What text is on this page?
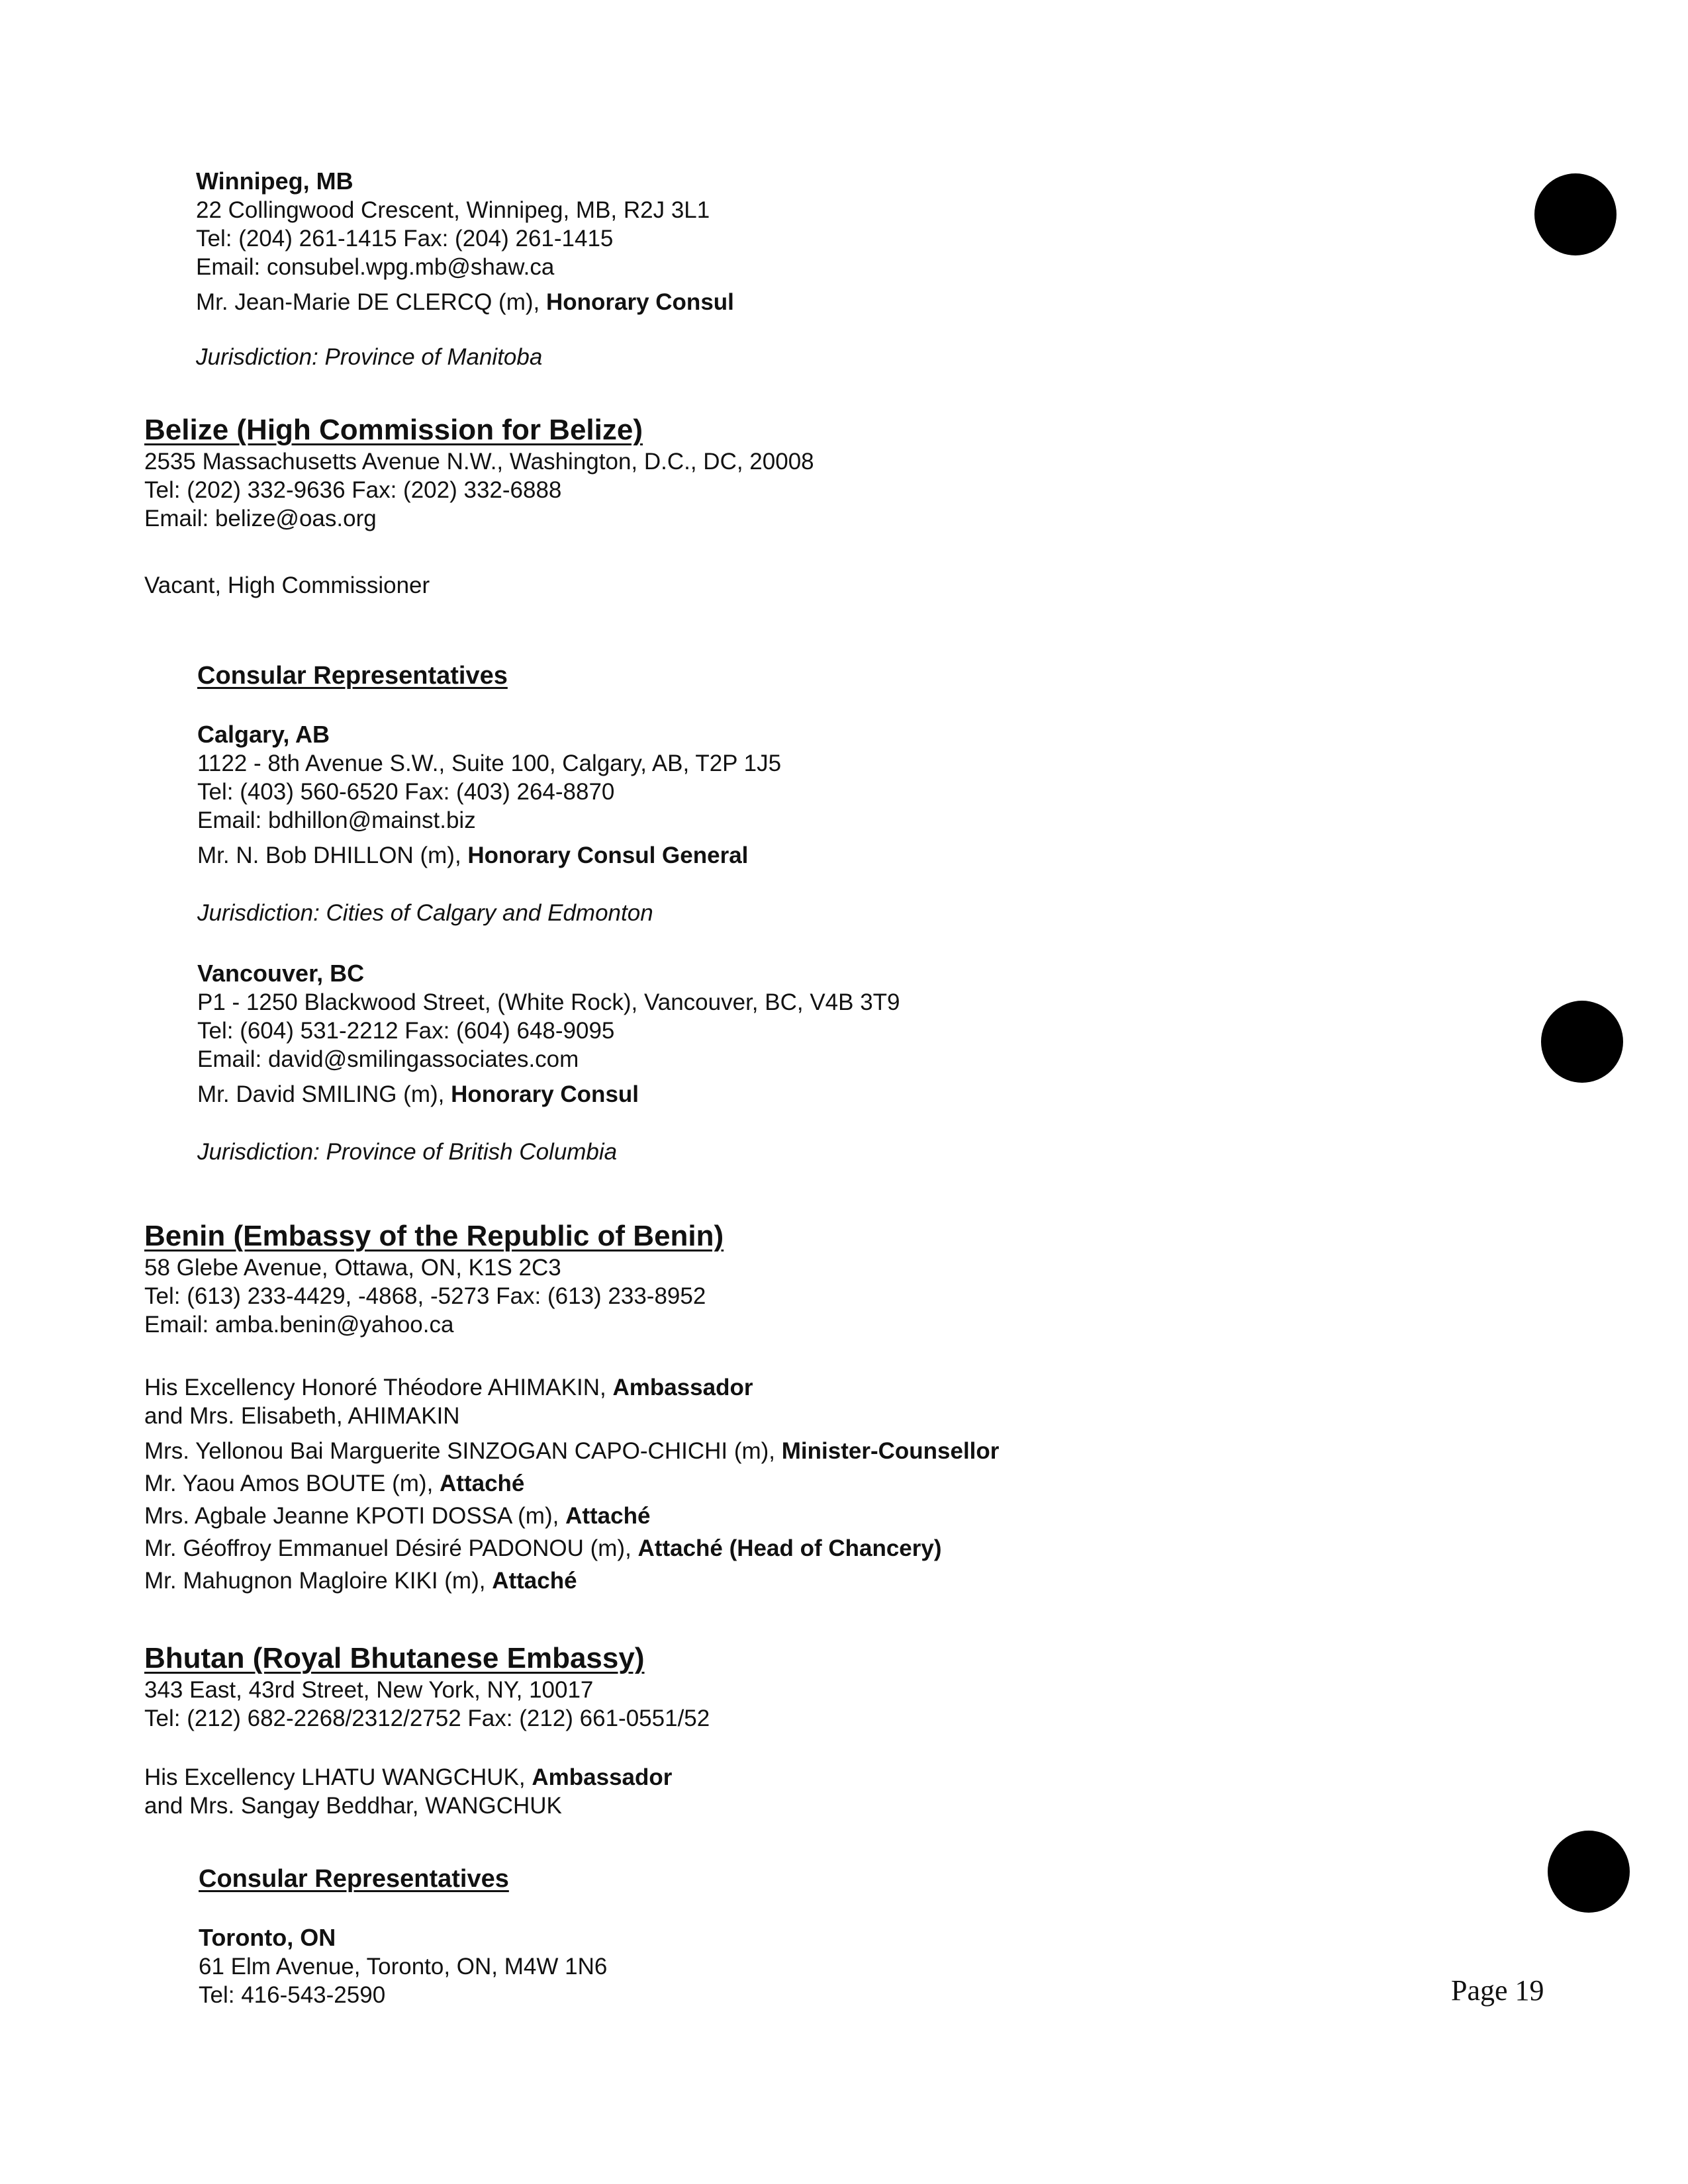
Winnipeg, MB
22 Collingwood Crescent, Winnipeg, MB, R2J 3L1
Tel: (204) 261-1415 Fax: (204) 261-1415
Email: consubel.wpg.mb@shaw.ca
Mr. Jean-Marie DE CLERCQ (m), Honorary Consul
Jurisdiction: Province of Manitoba
Belize (High Commission for Belize)
2535 Massachusetts Avenue N.W., Washington, D.C., DC, 20008
Tel: (202) 332-9636 Fax: (202) 332-6888
Email: belize@oas.org
Vacant, High Commissioner
Consular Representatives
Calgary, AB
1122 - 8th Avenue S.W., Suite 100, Calgary, AB, T2P 1J5
Tel: (403) 560-6520 Fax: (403) 264-8870
Email: bdhillon@mainst.biz
Mr. N. Bob DHILLON (m), Honorary Consul General
Jurisdiction: Cities of Calgary and Edmonton
Vancouver, BC
P1 - 1250 Blackwood Street, (White Rock), Vancouver, BC, V4B 3T9
Tel: (604) 531-2212 Fax: (604) 648-9095
Email: david@smilingassociates.com
Mr. David SMILING (m), Honorary Consul
Jurisdiction: Province of British Columbia
Benin (Embassy of the Republic of Benin)
58 Glebe Avenue, Ottawa, ON, K1S 2C3
Tel: (613) 233-4429, -4868, -5273 Fax: (613) 233-8952
Email: amba.benin@yahoo.ca
His Excellency Honoré Théodore AHIMAKIN, Ambassador
and Mrs. Elisabeth, AHIMAKIN
Mrs. Yellonou Bai Marguerite SINZOGAN CAPO-CHICHI (m), Minister-Counsellor
Mr. Yaou Amos BOUTE (m), Attaché
Mrs. Agbale Jeanne KPOTI DOSSA (m), Attaché
Mr. Géoffroy Emmanuel Désiré PADONOU (m), Attaché (Head of Chancery)
Mr. Mahugnon Magloire KIKI (m), Attaché
Bhutan (Royal Bhutanese Embassy)
343 East, 43rd Street, New York, NY, 10017
Tel: (212) 682-2268/2312/2752 Fax: (212) 661-0551/52
His Excellency LHATU WANGCHUK, Ambassador
and Mrs. Sangay Beddhar, WANGCHUK
Consular Representatives
Toronto, ON
61 Elm Avenue, Toronto, ON, M4W 1N6
Tel: 416-543-2590	Page 19
